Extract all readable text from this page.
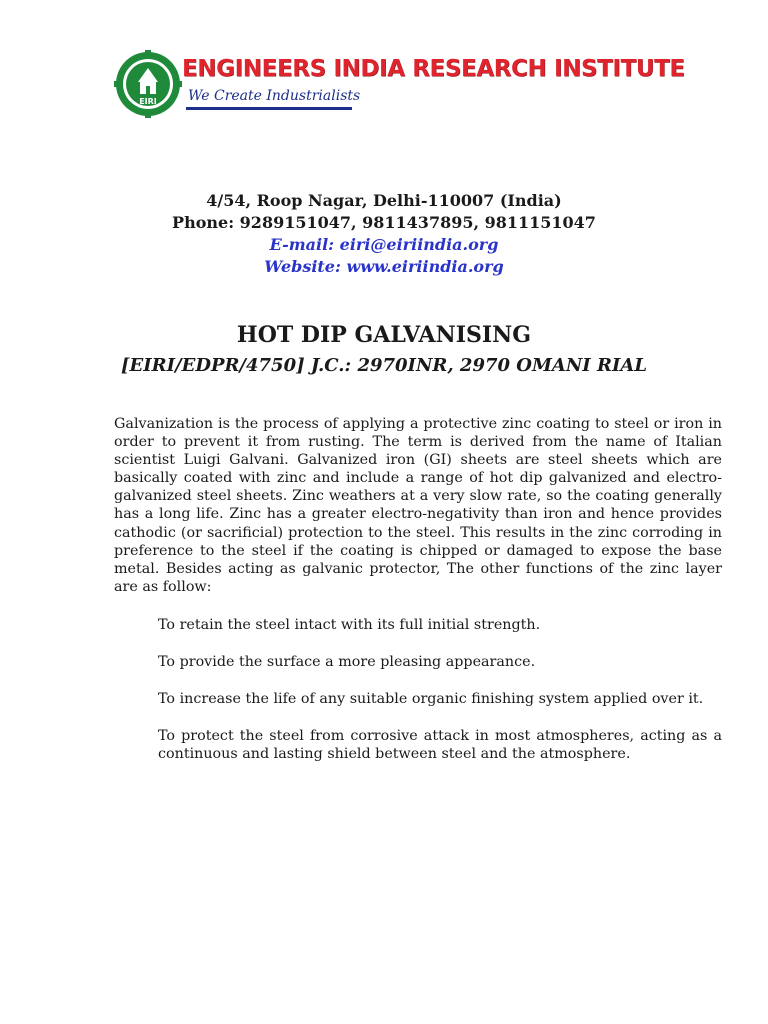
EIRI
ENGINEERS INDIA RESEARCH INSTITUTE
We Create Industrialists
4/54, Roop Nagar, Delhi-110007 (India)
Phone: 9289151047, 9811437895, 9811151047
E-mail: eiri@eiriindia.org
Website: www.eiriindia.org
HOT DIP GALVANISING
[EIRI/EDPR/4750] J.C.: 2970INR, 2970 OMANI RIAL
Galvanization is the process of applying a protective zinc coating to steel or iron in order to prevent it from rusting. The term is derived from the name of Italian scientist Luigi Galvani. Galvanized iron (GI) sheets are steel sheets which are basically coated with zinc and include a range of hot dip galvanized and electro-galvanized steel sheets. Zinc weathers at a very slow rate, so the coating generally has a long life. Zinc has a greater electro-negativity than iron and hence provides cathodic (or sacrificial) protection to the steel. This results in the zinc corroding in preference to the steel if the coating is chipped or damaged to expose the base metal. Besides acting as galvanic protector, The other functions of the zinc layer are as follow:

To retain the steel intact with its full initial strength.

To provide the surface a more pleasing appearance.

To increase the life of any suitable organic finishing system applied over it.

To protect the steel from corrosive attack in most atmospheres, acting as a continuous and lasting shield between steel and the atmosphere.
